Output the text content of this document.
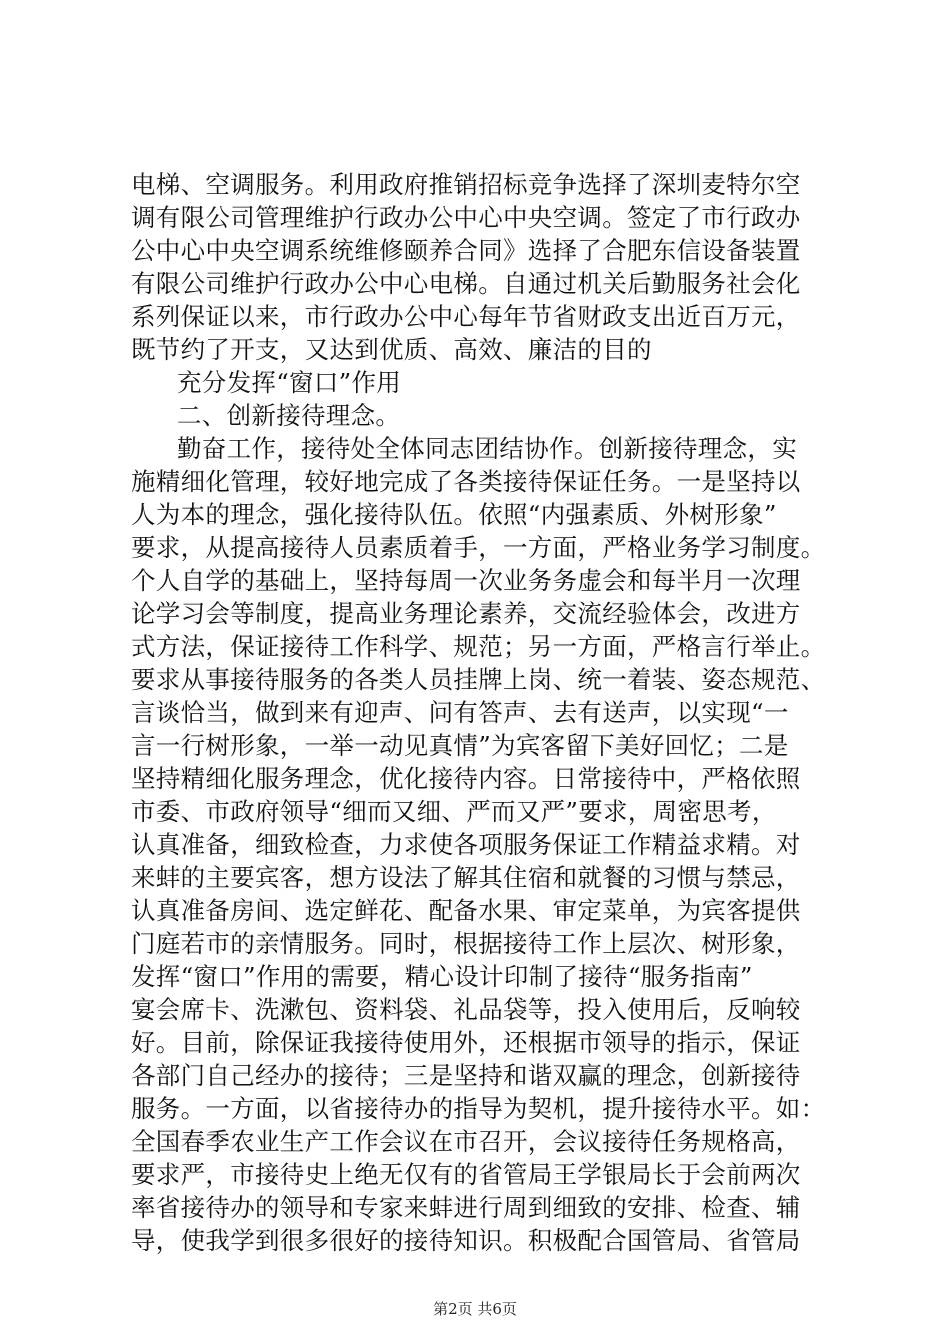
电梯、空调服务。利用政府推销招标竞争选择了深圳麦特尔空
调有限公司管理维护行政办公中心中央空调。签定了市行政办
公中心中央空调系统维修颐养合同》选择了合肥东信设备装置
有限公司维护行政办公中心电梯。自通过机关后勤服务社会化
系列保证以来，市行政办公中心每年节省财政支出近百万元，
既节约了开支，又达到优质、高效、廉洁的目的
充分发挥“窗口”作用
二、创新接待理念。
勤奋工作，接待处全体同志团结协作。创新接待理念，实
施精细化管理，较好地完成了各类接待保证任务。一是坚持以
人为本的理念，强化接待队伍。依照“内强素质、外树形象”
要求，从提高接待人员素质着手，一方面，严格业务学习制度。
个人自学的基础上，坚持每周一次业务务虚会和每半月一次理
论学习会等制度，提高业务理论素养，交流经验体会，改进方
式方法，保证接待工作科学、规范；另一方面，严格言行举止。
要求从事接待服务的各类人员挂牌上岗、统一着装、姿态规范、
言谈恰当，做到来有迎声、问有答声、去有送声，以实现“一
言一行树形象，一举一动见真情”为宾客留下美好回忆；二是
坚持精细化服务理念，优化接待内容。日常接待中，严格依照
市委、市政府领导“细而又细、严而又严”要求，周密思考，
认真准备，细致检查，力求使各项服务保证工作精益求精。对
来蚌的主要宾客，想方设法了解其住宿和就餐的习惯与禁忌，
认真准备房间、选定鲜花、配备水果、审定菜单，为宾客提供
门庭若市的亲情服务。同时，根据接待工作上层次、树形象，
发挥“窗口”作用的需要，精心设计印制了接待“服务指南”
宴会席卡、洗漱包、资料袋、礼品袋等，投入使用后，反响较
好。目前，除保证我接待使用外，还根据市领导的指示，保证
各部门自己经办的接待；三是坚持和谐双赢的理念，创新接待
服务。一方面，以省接待办的指导为契机，提升接待水平。如：
全国春季农业生产工作会议在市召开，会议接待任务规格高，
要求严，市接待史上绝无仅有的省管局王学银局长于会前两次
率省接待办的领导和专家来蚌进行周到细致的安排、检查、辅
导，使我学到很多很好的接待知识。积极配合国管局、省管局
第2页 共6页
